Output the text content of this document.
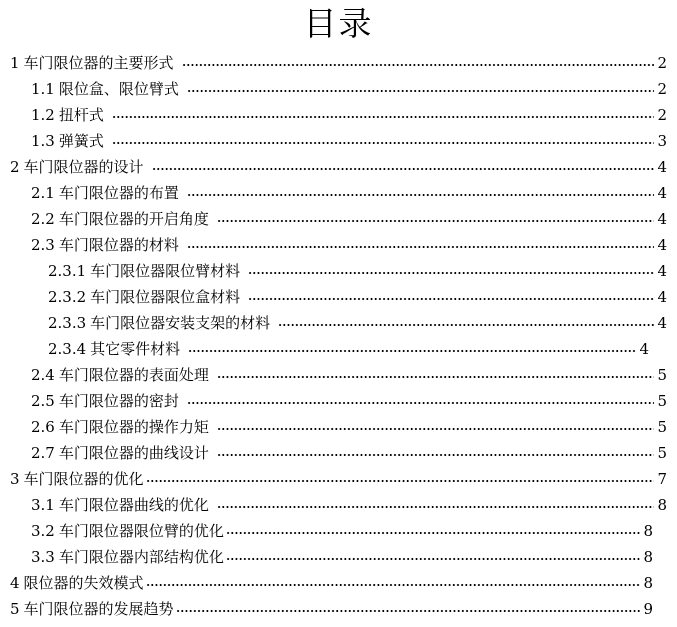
目录
1 车门限位器的主要形式	2
1.1 限位盒、限位臂式	2
1.2 扭杆式	2
1.3 弹簧式	3
2 车门限位器的设计	4
2.1 车门限位器的布置	4
2.2 车门限位器的开启角度	4
2.3 车门限位器的材料	4
2.3.1 车门限位器限位臂材料	4
2.3.2 车门限位器限位盒材料	4
2.3.3 车门限位器安装支架的材料	4
2.3.4 其它零件材料	4
2.4 车门限位器的表面处理	5
2.5 车门限位器的密封	5
2.6 车门限位器的操作力矩	5
2.7 车门限位器的曲线设计	5
3 车门限位器的优化	7
3.1 车门限位器曲线的优化	8
3.2 车门限位器限位臂的优化	8
3.3 车门限位器内部结构优化	8
4 限位器的失效模式	8
5 车门限位器的发展趋势	9
